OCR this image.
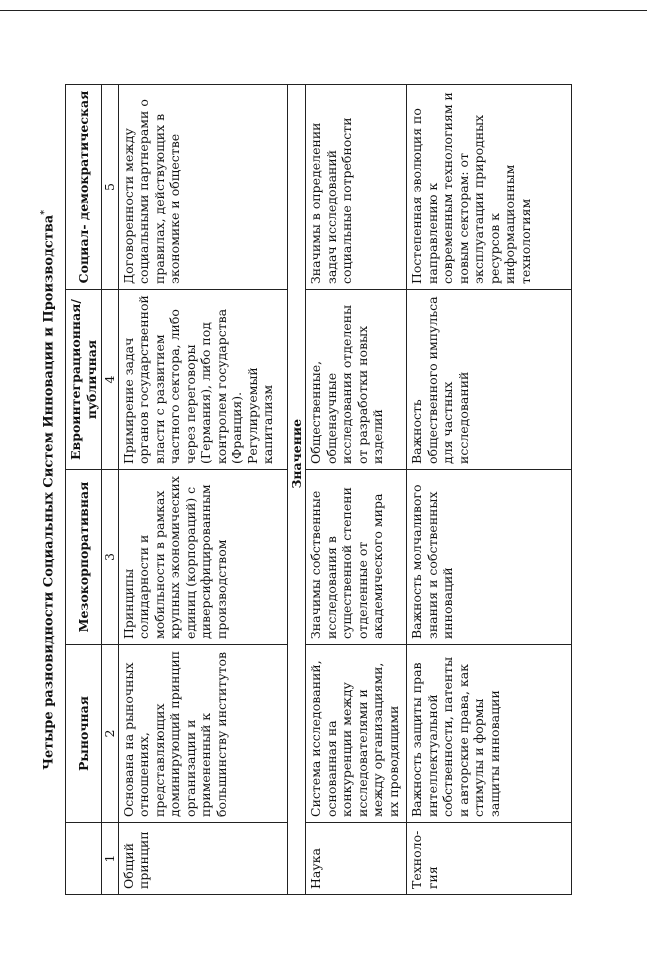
Четыре разновидности Социальных Систем Инновации и Производства*
	Рыночная	Мезокорпоративная	Евроинтеграционная/ публичная	Социал- демократическая
1	2	3	4	5
Общий принцип	Основана на рыночных отношениях, представляющих доминирующий принцип организации и примененный к большинству институтов	Принципы солидарности и мобильности в рамках крупных экономических единиц (корпораций) с диверсифицированным производством	Примирение задач органов государственной власти с развитием частного сектора, либо через переговоры (Германия), либо под контролем государства (Франция). Регулируемый капитализм	Договоренности между социальными партнерами о правилах, действующих в экономике и обществе
	Значение			
Наука	Система исследований, основанная на конкуренции между исследователями и между организациями, их проводящими	Значимы собственные исследования в существенной степени отделенные от академического мира	Общественные, общенаучные исследования отделены от разработки новых изделий	Значимы в определении задач исследований социальные потребности
Техноло- гия	Важность защиты прав интеллектуальной собственности, патенты и авторские права, как стимулы и формы защиты инновации	Важность молчаливого знания и собственных инноваций	Важность общественного импульса для частных исследований	Постепенная эволюция по направлению к современным технологиям и новым секторам: от эксплуатации природных ресурсов к информационным технологиям
